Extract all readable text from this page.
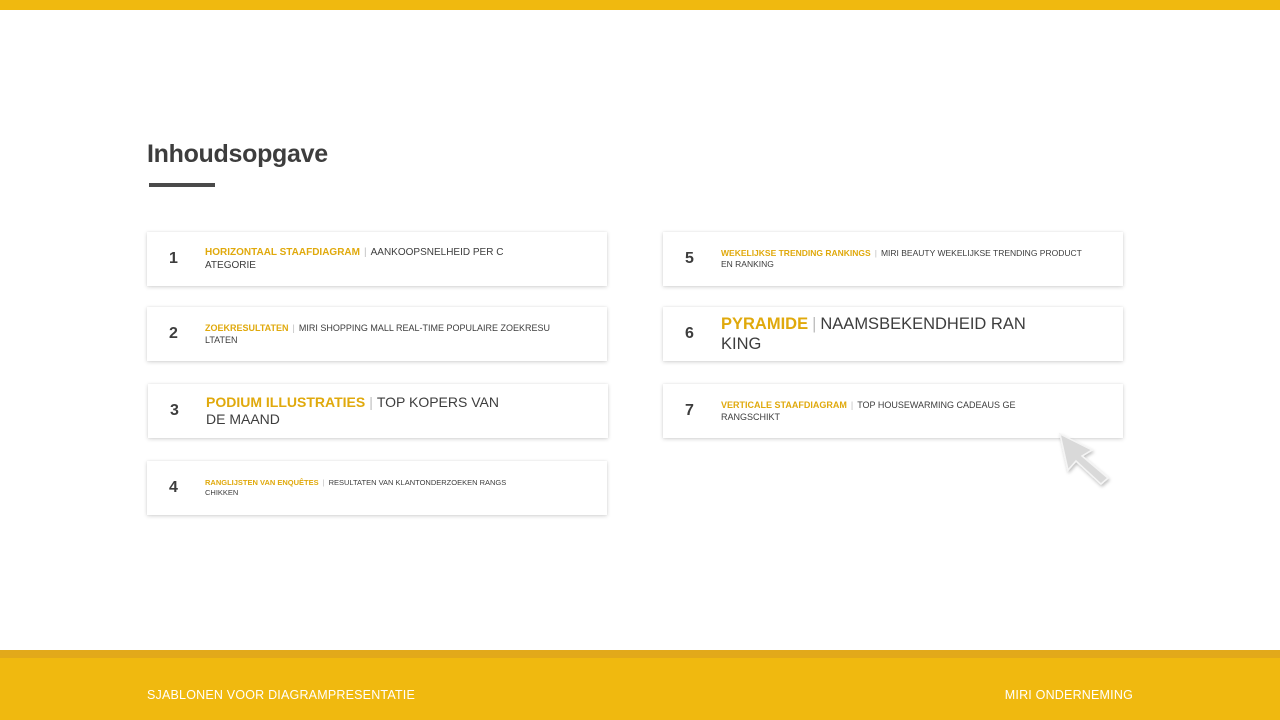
Inhoudsopgave
1	HORIZONTAAL STAAFDIAGRAM | AANKOOPSNELHEID PER CATEGORIE
2	ZOEKRESULTATEN | MIRI SHOPPING MALL REAL-TIME POPULAIRE ZOEKRESULTATEN
3 PODIUM ILLUSTRATIES | TOP KOPERS VAN DE MAAND
4	RANGLIJSTEN VAN ENQUÊTES | RESULTATEN VAN KLANTONDERZOEKEN RANGSCHIKKEN
5	WEKELIJKSE TRENDING RANKINGS | MIRI BEAUTY WEKELIJKSE TRENDING PRODUCTEN RANKING
6
PYRAMIDE | NAAMSBEKENDHEID RANKING
7	VERTICALE STAAFDIAGRAM | TOP HOUSEWARMING CADEAUS GERANGSCHIKT
SJABLONEN VOOR DIAGRAMPRESENTATIE	MIRI ONDERNEMING
